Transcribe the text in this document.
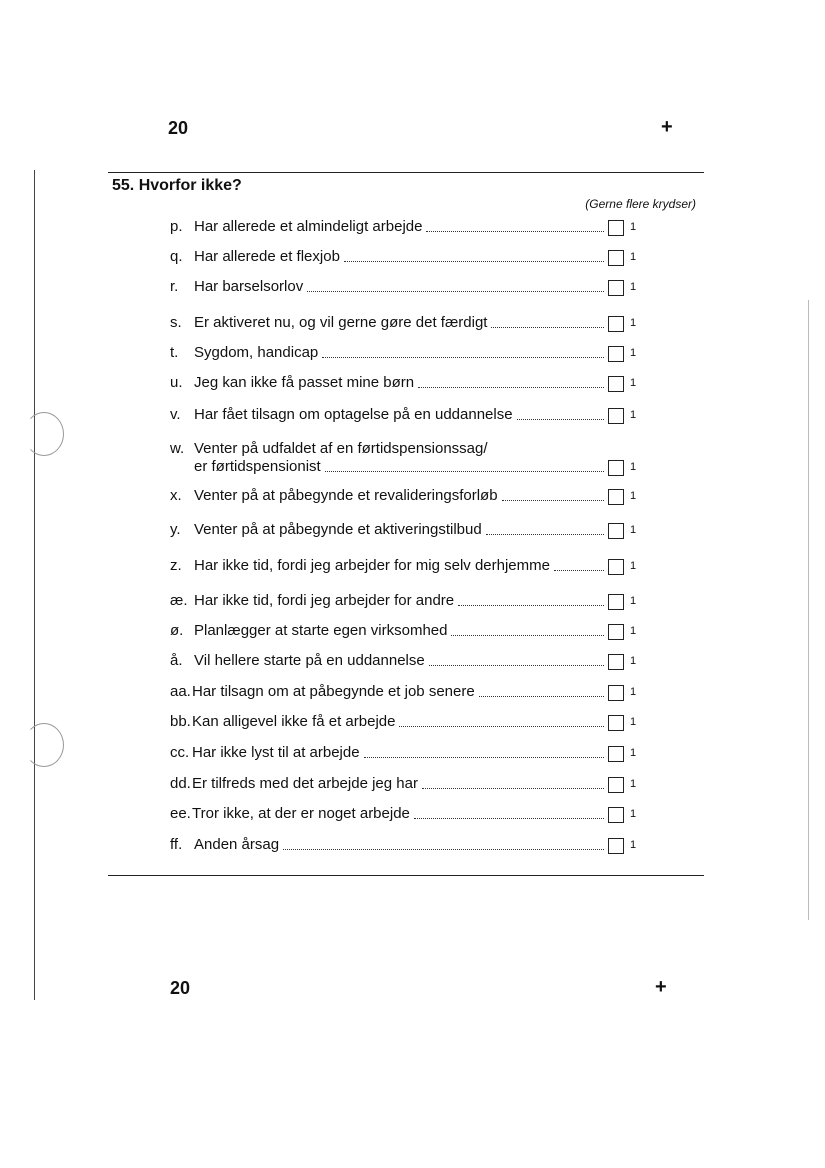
20	+
55. Hvorfor ikke?
(Gerne flere krydser)
p. Har allerede et almindeligt arbejde	1
q. Har allerede et flexjob	1
r.	Har barselsorlov	1
s. Er aktiveret nu, og vil gerne gøre det færdigt	1
t.	Sygdom, handicap	1
u. Jeg kan ikke få passet mine børn	1
v. Har fået tilsagn om optagelse på en uddannelse	1
w. Venter på udfaldet af en førtidspensionssag/
er førtidspensionist	1
x. Venter på at påbegynde et revalideringsforløb	1
y. Venter på at påbegynde et aktiveringstilbud	1
z. Har ikke tid, fordi jeg arbejder for mig selv derhjemme	1
æ. Har ikke tid, fordi jeg arbejder for andre	1
ø. Planlægger at starte egen virksomhed	1
å. Vil hellere starte på en uddannelse	1
aa. Har tilsagn om at påbegynde et job senere	1
bb. Kan alligevel ikke få et arbejde	1
cc. Har ikke lyst til at arbejde	1
dd. Er tilfreds med det arbejde jeg har	1
ee. Tror ikke, at der er noget arbejde	1
ff. Anden årsag	1
20	+
